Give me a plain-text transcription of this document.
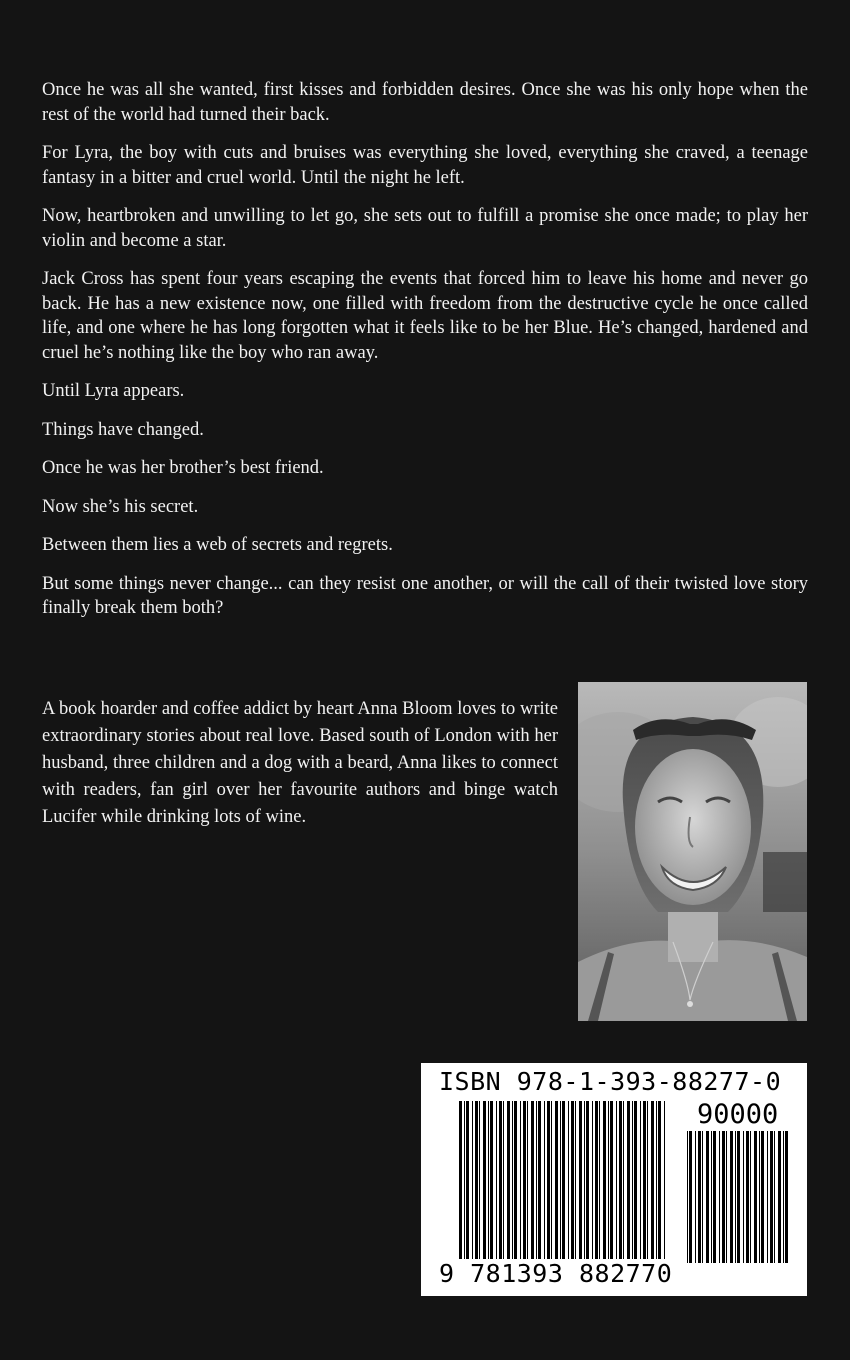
Once he was all she wanted, first kisses and forbidden desires. Once she was his only hope when the rest of the world had turned their back.

For Lyra, the boy with cuts and bruises was everything she loved, everything she craved, a teenage fantasy in a bitter and cruel world. Until the night he left.

Now, heartbroken and unwilling to let go, she sets out to fulfill a promise she once made; to play her violin and become a star.

Jack Cross has spent four years escaping the events that forced him to leave his home and never go back. He has a new existence now, one filled with freedom from the destructive cycle he once called life, and one where he has long forgotten what it feels like to be her Blue. He’s changed, hardened and cruel he’s nothing like the boy who ran away.

Until Lyra appears.

Things have changed.

Once he was her brother’s best friend.

Now she’s his secret.

Between them lies a web of secrets and regrets.

But some things never change... can they resist one another, or will the call of their twisted love story finally break them both?

A book hoarder and coffee addict by heart Anna Bloom loves to write extraordinary stories about real love. Based south of London with her husband, three children and a dog with a beard, Anna likes to connect with readers, fan girl over her favourite authors and binge watch Lucifer while drinking lots of wine.
ISBN 978-1-393-88277-0
90000
9 781393 882770
